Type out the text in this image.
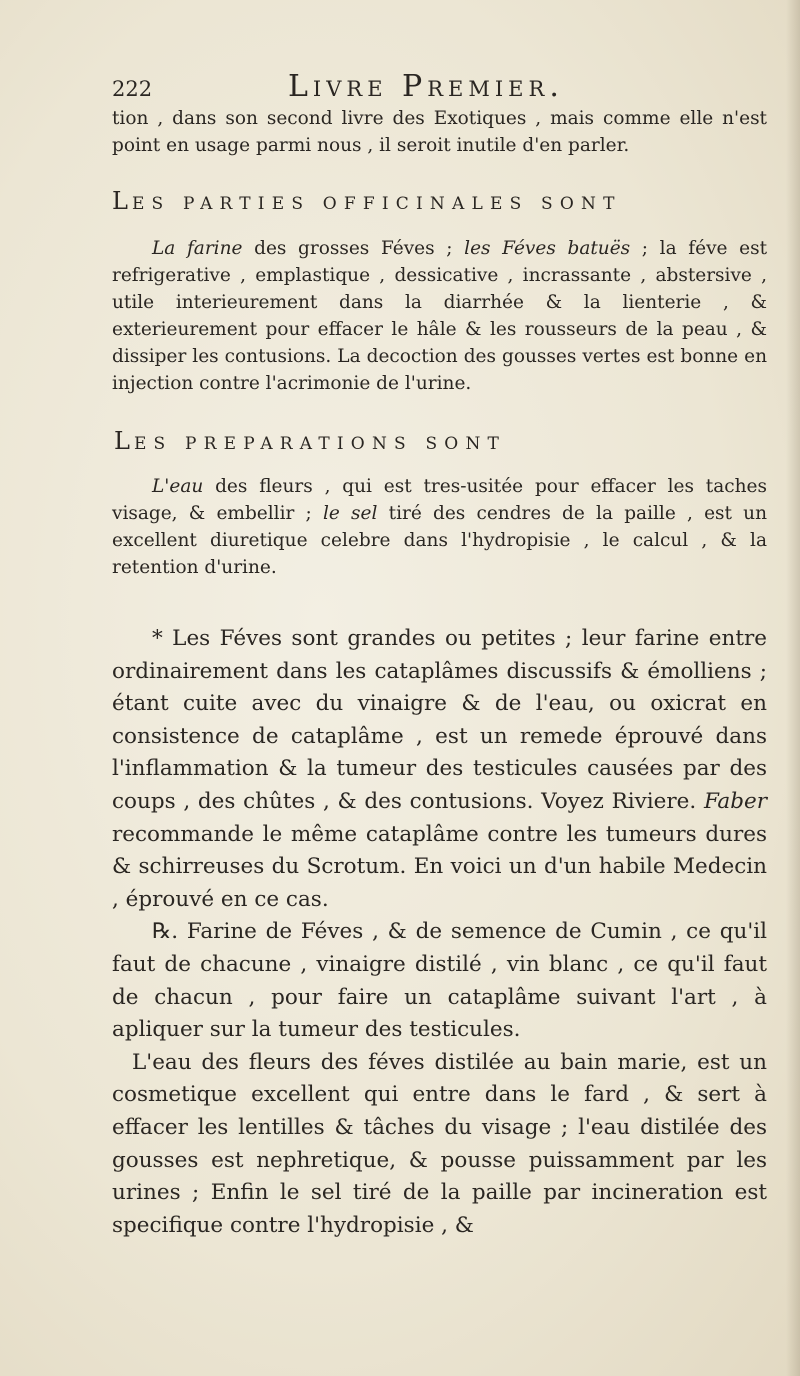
222	Livre Premier.

tion , dans son second livre des Exotiques , mais comme elle n'est point en usage parmi nous , il seroit inutile d'en parler.

LES PARTIES OFFICINALES SONT

La farine des grosses Féves ; les Féves batuës ; la féve est refrigerative , emplastique , dessicative , incrassante , abstersive , utile interieurement dans la diarrhée & la lienterie , & exterieurement pour effacer le hâle & les rousseurs de la peau , & dissiper les contusions. La decoction des gousses vertes est bonne en injection contre l'acrimonie de l'urine.

LES PREPARATIONS SONT

L'eau des fleurs , qui est tres-usitée pour effacer les taches visage, & embellir ; le sel tiré des cendres de la paille , est un excellent diuretique celebre dans l'hydropisie , le calcul , & la retention d'urine.

* Les Féves sont grandes ou petites ; leur farine entre ordinairement dans les cataplâmes discussifs & émolliens ; étant cuite avec du vinaigre & de l'eau, ou oxicrat en consistence de cataplâme , est un remede éprouvé dans l'inflammation & la tumeur des testicules causées par des coups , des chûtes , & des contusions. Voyez Riviere. Faber recommande le même cataplâme contre les tumeurs dures & schirreuses du Scrotum. En voici un d'un habile Medecin , éprouvé en ce cas.

℞. Farine de Féves , & de semence de Cumin , ce qu'il faut de chacune , vinaigre distilé , vin blanc , ce qu'il faut de chacun , pour faire un cataplâme suivant l'art , à apliquer sur la tumeur des testicules.

L'eau des fleurs des féves distilée au bain marie, est un cosmetique excellent qui entre dans le fard , & sert à effacer les lentilles & tâches du visage ; l'eau distilée des gousses est nephretique, & pousse puissamment par les urines ; Enfin le sel tiré de la paille par incineration est specifique contre l'hydropisie , &
